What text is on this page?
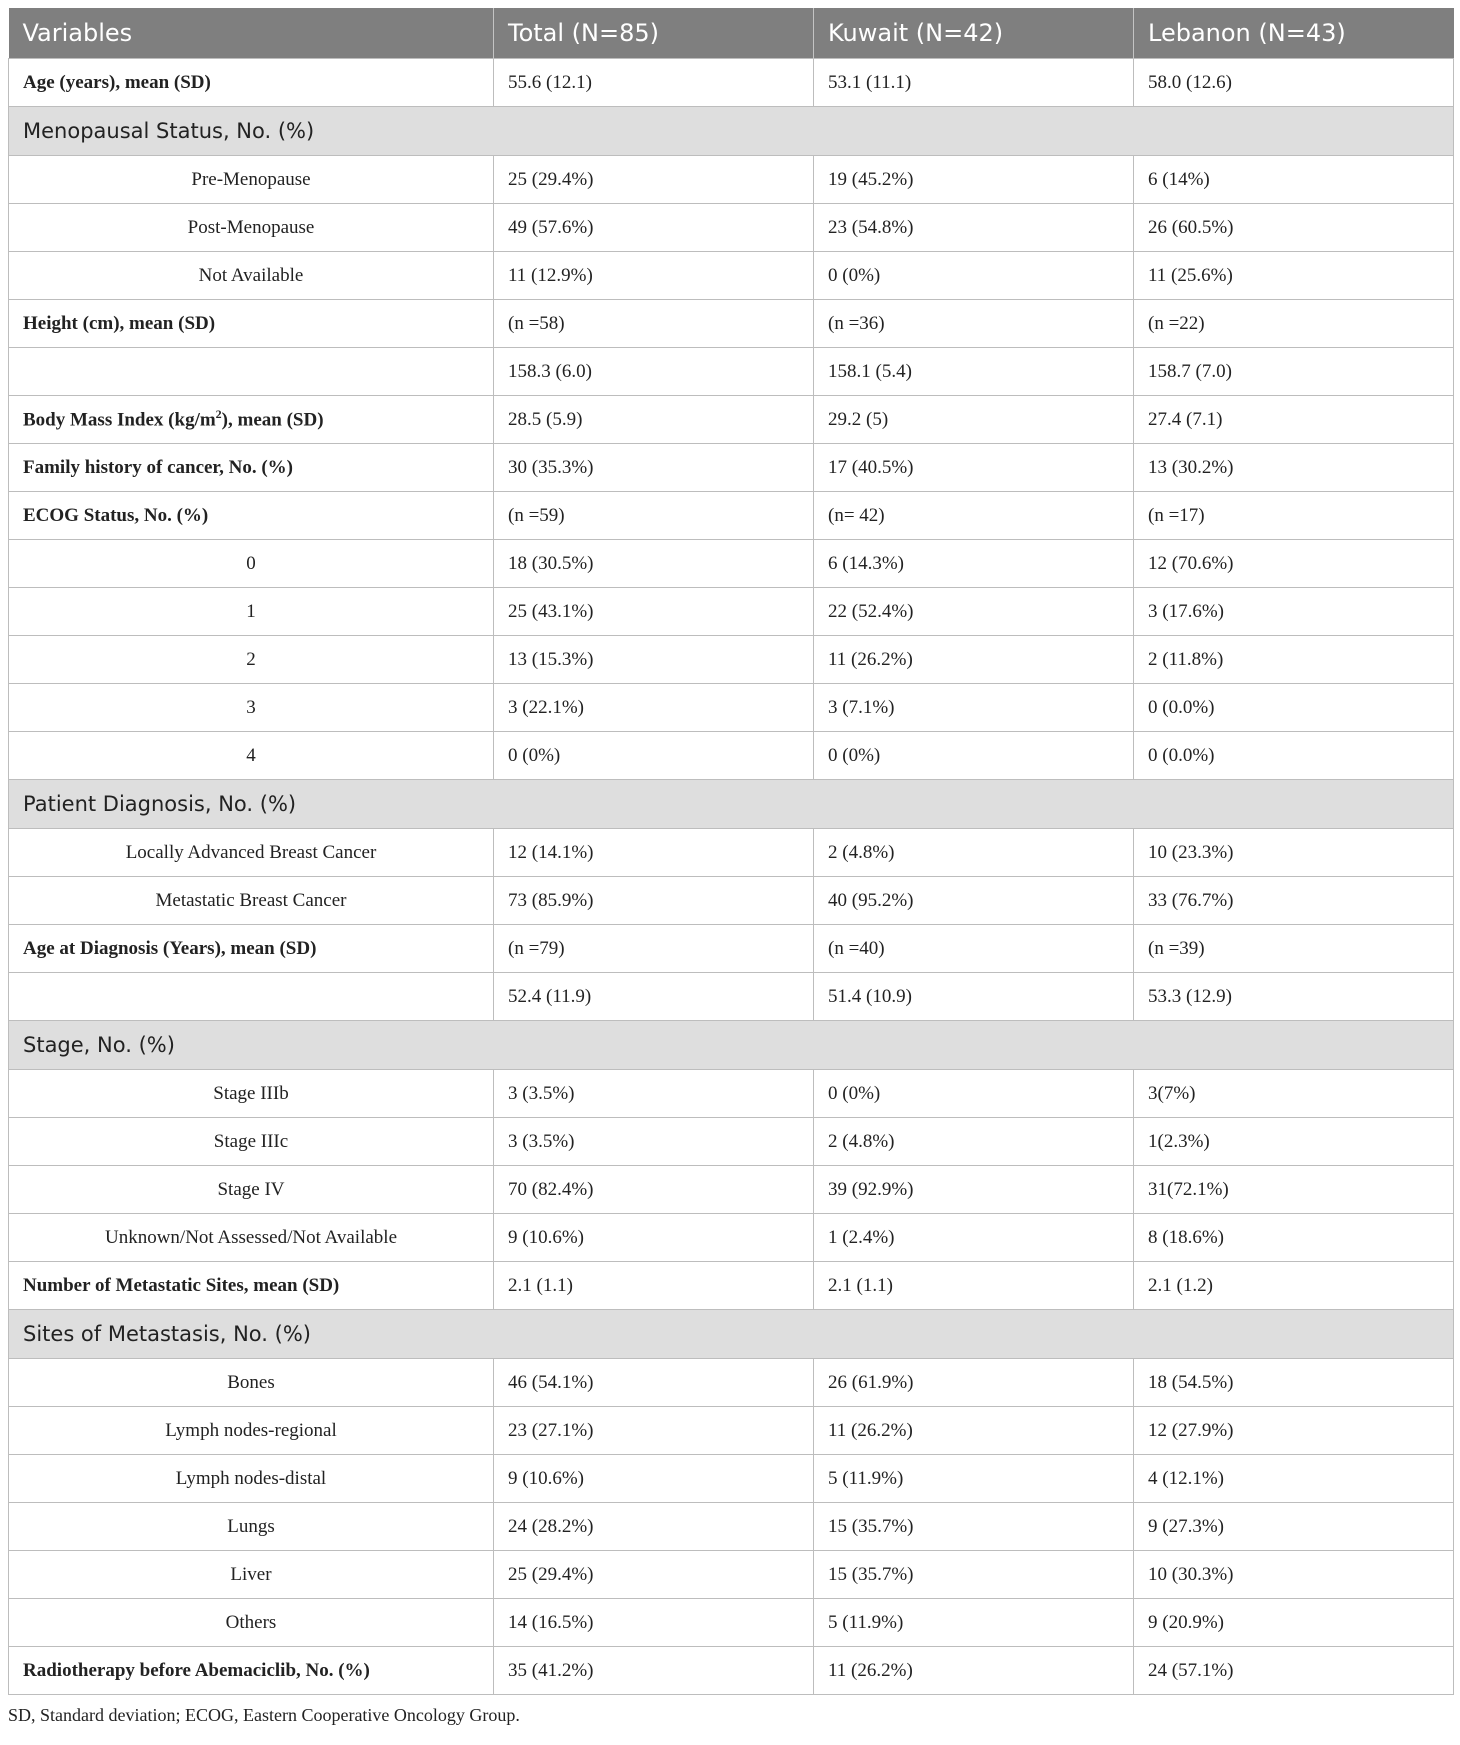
Variables	Total (N=85)	Kuwait (N=42)	Lebanon (N=43)
Age (years), mean (SD)	55.6 (12.1)	53.1 (11.1)	58.0 (12.6)
Menopausal Status, No. (%)			
Pre-Menopause	25 (29.4%)	19 (45.2%)	6 (14%)
Post-Menopause	49 (57.6%)	23 (54.8%)	26 (60.5%)
Not Available	11 (12.9%)	0 (0%)	11 (25.6%)
Height (cm), mean (SD)	(n =58)	(n =36)	(n =22)
	158.3 (6.0)	158.1 (5.4)	158.7 (7.0)
Body Mass Index $(kg/m^2)$, mean (SD)	28.5 (5.9)	29.2 (5)	27.4 (7.1)
Family history of cancer, No. (%)	30 (35.3%)	17 (40.5%)	13 (30.2%)
ECOG Status, No. (%)	(n =59)	(n= 42)	(n =17)
0	18 (30.5%)	6 (14.3%)	12 (70.6%)
1	25 (43.1%)	22 (52.4%)	3 (17.6%)
2	13 (15.3%)	11 (26.2%)	2 (11.8%)
3	3 (22.1%)	3 (7.1%)	0 (0.0%)
4	0 (0%)	0 (0%)	0 (0.0%)
Patient Diagnosis, No. (%)			
Locally Advanced Breast Cancer	12 (14.1%)	2 (4.8%)	10 (23.3%)
Metastatic Breast Cancer	73 (85.9%)	40 (95.2%)	33 (76.7%)
Age at Diagnosis (Years), mean (SD)	(n =79)	(n =40)	(n =39)
	52.4 (11.9)	51.4 (10.9)	53.3 (12.9)
Stage, No. (%)			
Stage IIIb	3 (3.5%)	0 (0%)	3(7%)
Stage IIIc	3 (3.5%)	2 (4.8%)	1(2.3%)
Stage IV	70 (82.4%)	39 (92.9%)	31(72.1%)
Unknown/Not Assessed/Not Available	9 (10.6%)	1 (2.4%)	8 (18.6%)
Number of Metastatic Sites, mean (SD)	2.1 (1.1)	2.1 (1.1)	2.1 (1.2)
Sites of Metastasis, No. (%)			
Bones	46 (54.1%)	26 (61.9%)	18 (54.5%)
Lymph nodes-regional	23 (27.1%)	11 (26.2%)	12 (27.9%)
Lymph nodes-distal	9 (10.6%)	5 (11.9%)	4 (12.1%)
Lungs	24 (28.2%)	15 (35.7%)	9 (27.3%)
Liver	25 (29.4%)	15 (35.7%)	10 (30.3%)
Others	14 (16.5%)	5 (11.9%)	9 (20.9%)
Radiotherapy before Abemaciclib, No. (%)	35 (41.2%)	11 (26.2%)	24 (57.1%)
SD, Standard deviation; ECOG, Eastern Cooperative Oncology Group.
